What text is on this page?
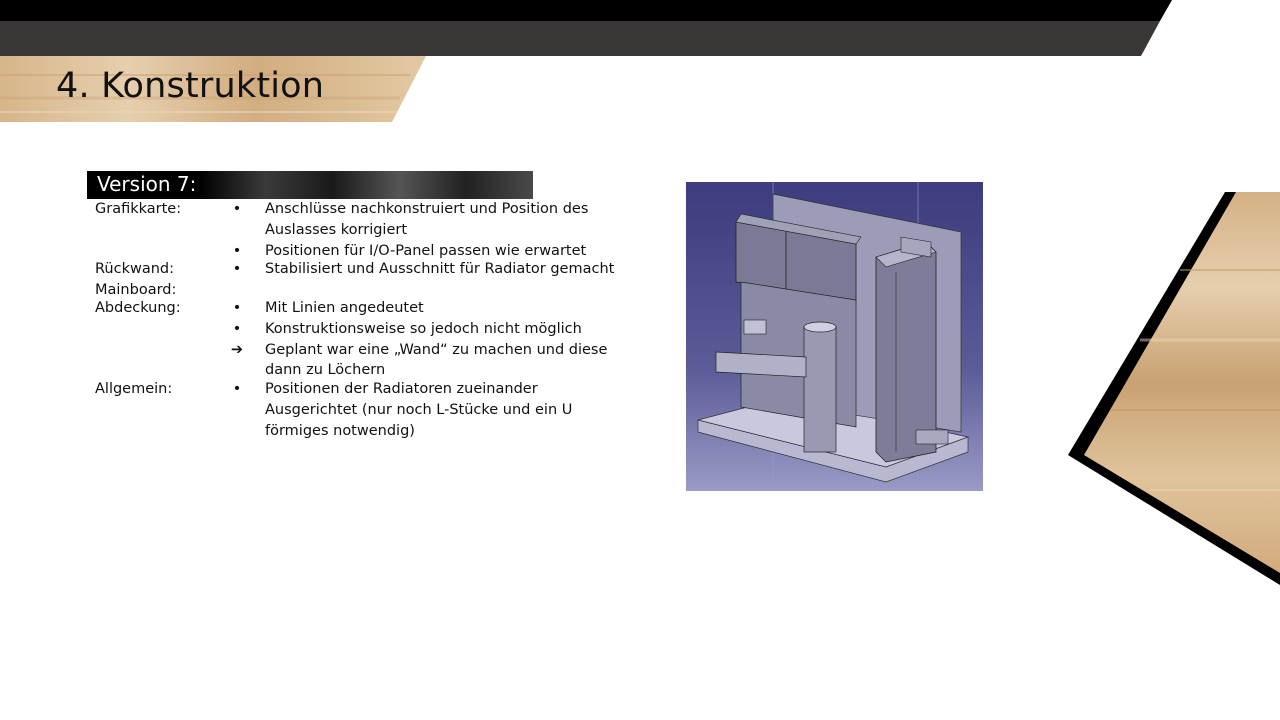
4. Konstruktion
Version 7:
Grafikkarte:	• Anschlüsse nachkonstruiert und Position des
Auslasses korrigiert
• Positionen für I/O-Panel passen wie erwartet
Rückwand:	• Stabilisiert und Ausschnitt für Radiator gemacht
Mainboard:
Abdeckung:	• Mit Linien angedeutet
• Konstruktionsweise so jedoch nicht möglich
➔ Geplant war eine „Wand“ zu machen und diese
dann zu Löchern
Allgemein:	• Positionen der Radiatoren zueinander
Ausgerichtet (nur noch L-Stücke und ein U
förmiges notwendig)
